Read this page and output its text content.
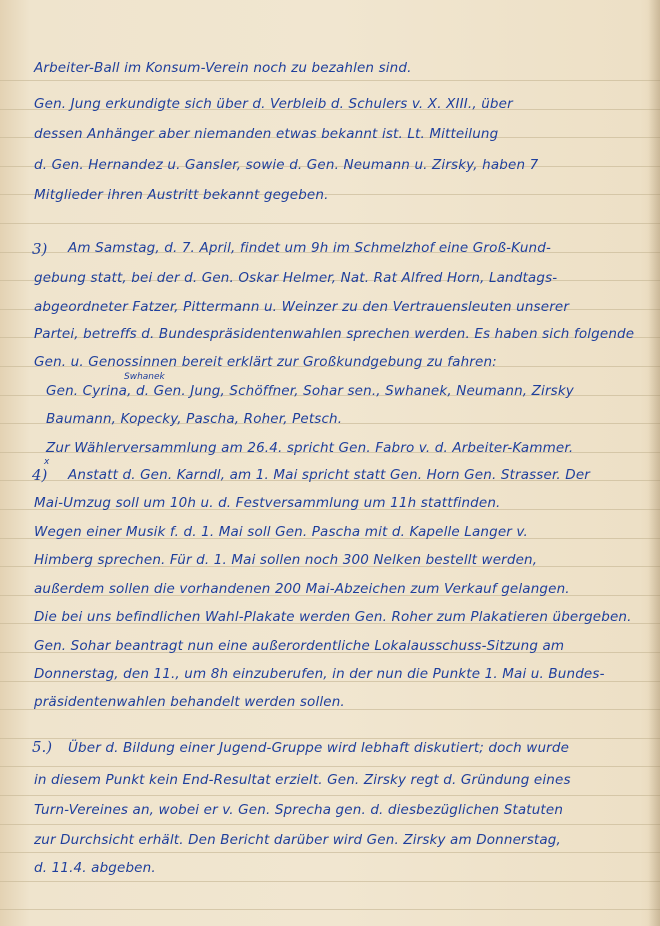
Arbeiter-Ball im Konsum-Verein noch zu bezahlen sind.
Gen. Jung erkundigte sich über d. Verbleib d. Schulers v. X. XIII., über
dessen Anhänger aber niemanden etwas bekannt ist. Lt. Mitteilung
d. Gen. Hernandez u. Gansler, sowie d. Gen. Neumann u. Zirsky, haben 7
Mitglieder ihren Austritt bekannt gegeben.
3) Am Samstag, d. 7. April, findet um 9h im Schmelzhof eine Groß-Kund-
gebung statt, bei der d. Gen. Oskar Helmer, Nat. Rat Alfred Horn, Landtags-
abgeordneter Fatzer, Pittermann u. Weinzer zu den Vertrauensleuten unserer
Partei, betreffs d. Bundespräsidentenwahlen sprechen werden. Es haben sich folgende
Gen. u. Genossinnen bereit erklärt zur Großkundgebung zu fahren:
Swhanek
Gen. Cyrina, d. Gen. Jung, Schöffner, Sohar sen., Swhanek, Neumann, Zirsky
Baumann, Kopecky, Pascha, Roher, Petsch.
Zur Wählerversammlung am 26.4. spricht Gen. Fabro v. d. Arbeiter-Kammer.
4)
x
Anstatt d. Gen. Karndl, am 1. Mai spricht statt Gen. Horn Gen. Strasser. Der
Mai-Umzug soll um 10h u. d. Festversammlung um 11h stattfinden.
Wegen einer Musik f. d. 1. Mai soll Gen. Pascha mit d. Kapelle Langer v.
Himberg sprechen. Für d. 1. Mai sollen noch 300 Nelken bestellt werden,
außerdem sollen die vorhandenen 200 Mai-Abzeichen zum Verkauf gelangen.
Die bei uns befindlichen Wahl-Plakate werden Gen. Roher zum Plakatieren übergeben.
Gen. Sohar beantragt nun eine außerordentliche Lokalausschuss-Sitzung am
Donnerstag, den 11., um 8h einzuberufen, in der nun die Punkte 1. Mai u. Bundes-
präsidentenwahlen behandelt werden sollen.
5.) Über d. Bildung einer Jugend-Gruppe wird lebhaft diskutiert; doch wurde
in diesem Punkt kein End-Resultat erzielt. Gen. Zirsky regt d. Gründung eines
Turn-Vereines an, wobei er v. Gen. Sprecha gen. d. diesbezüglichen Statuten
zur Durchsicht erhält. Den Bericht darüber wird Gen. Zirsky am Donnerstag,
d. 11.4. abgeben.
